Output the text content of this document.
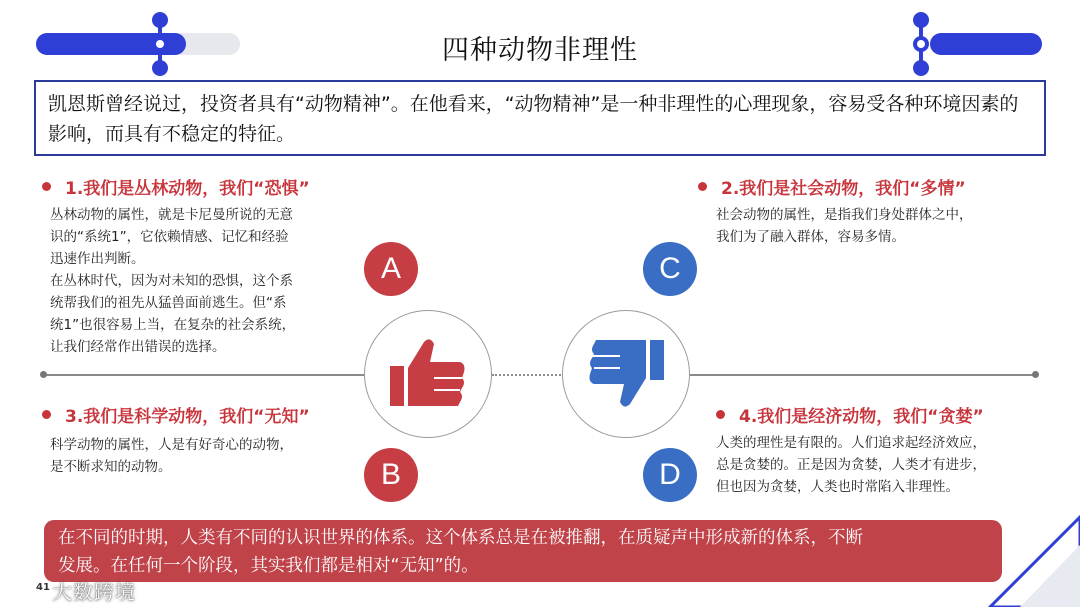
四种动物非理性
凯恩斯曾经说过，投资者具有“动物精神”。在他看来，“动物精神”是一种非理性的心理现象，容易受各种环境因素的影响，而具有不稳定的特征。
1.我们是丛林动物，我们“恐惧”
丛林动物的属性，就是卡尼曼所说的无意
识的“系统1”，它依赖情感、记忆和经验
迅速作出判断。
在丛林时代，因为对未知的恐惧，这个系
统帮我们的祖先从猛兽面前逃生。但“系
统1”也很容易上当，在复杂的社会系统，
让我们经常作出错误的选择。
2.我们是社会动物，我们“多情”
社会动物的属性，是指我们身处群体之中，
我们为了融入群体，容易多情。
3.我们是科学动物，我们“无知”
科学动物的属性，人是有好奇心的动物，
是不断求知的动物。
4.我们是经济动物，我们“贪婪”
人类的理性是有限的。人们追求起经济效应，
总是贪婪的。正是因为贪婪，人类才有进步，
但也因为贪婪，人类也时常陷入非理性。
A
B
C
D
在不同的时期，人类有不同的认识世界的体系。这个体系总是在被推翻，在质疑声中形成新的体系，不断
发展。在任何一个阶段，其实我们都是相对“无知”的。
大数跨境
41
